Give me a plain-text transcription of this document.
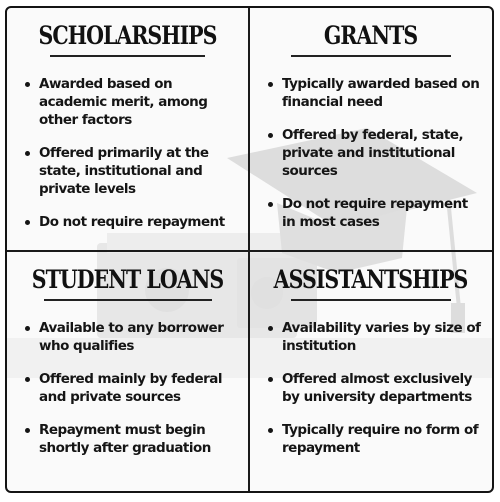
SCHOLARSHIPS
Awarded based on academic merit, among other factors
Offered primarily at the state, institutional and private levels
Do not require repayment
GRANTS
Typically awarded based on financial need
Offered by federal, state, private and institutional sources
Do not require repayment in most cases
STUDENT LOANS
Available to any borrower who qualifies
Offered mainly by federal and private sources
Repayment must begin shortly after graduation
ASSISTANTSHIPS
Availability varies by size of institution
Offered almost exclusively by university departments
Typically require no form of repayment
